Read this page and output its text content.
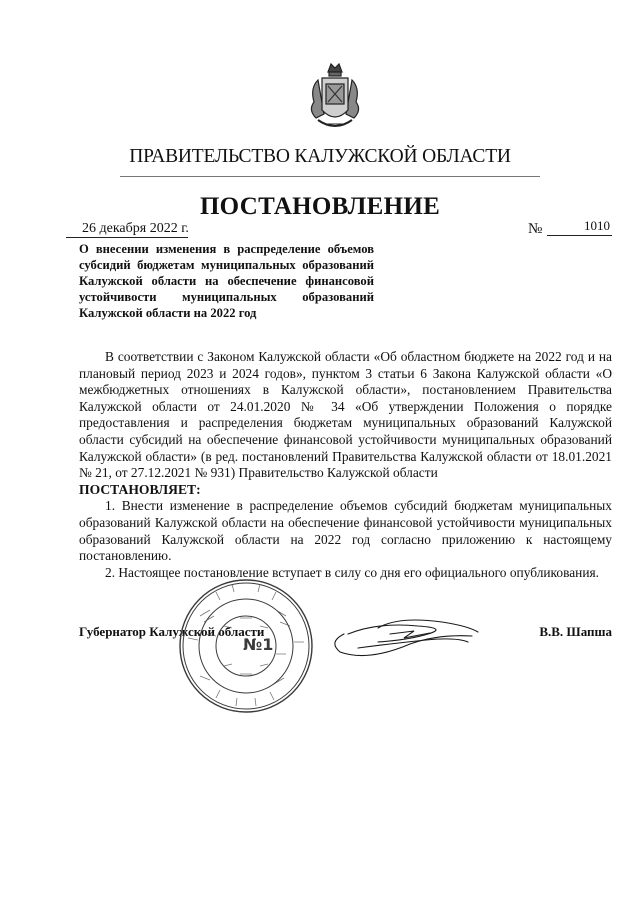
ПРАВИТЕЛЬСТВО КАЛУЖСКОЙ ОБЛАСТИ
ПОСТАНОВЛЕНИЕ
26 декабря 2022 г.	№	1010
О внесении изменения в распределение объемов субсидий бюджетам муниципальных образований Калужской области на обеспечение финансовой устойчивости муниципальных образований Калужской области на 2022 год

В соответствии с Законом Калужской области «Об областном бюджете на 2022 год и на плановый период 2023 и 2024 годов», пунктом 3 статьи 6 Закона Калужской области «О межбюджетных отношениях в Калужской области», постановлением Правительства Калужской области от 24.01.2020 № 34 «Об утверждении Положения о порядке предоставления и распределения бюджетам муниципальных образований Калужской области субсидий на обеспечение финансовой устойчивости муниципальных образований Калужской области» (в ред. постановлений Правительства Калужской области от 18.01.2021 № 21, от 27.12.2021 № 931) Правительство Калужской области

ПОСТАНОВЛЯЕТ:

1. Внести изменение в распределение объемов субсидий бюджетам муниципальных образований Калужской области на обеспечение финансовой устойчивости муниципальных образований Калужской области на 2022 год согласно приложению к настоящему постановлению.

2. Настоящее постановление вступает в силу со дня его официального опубликования.

Губернатор Калужской области	В.В. Шапша
№1
